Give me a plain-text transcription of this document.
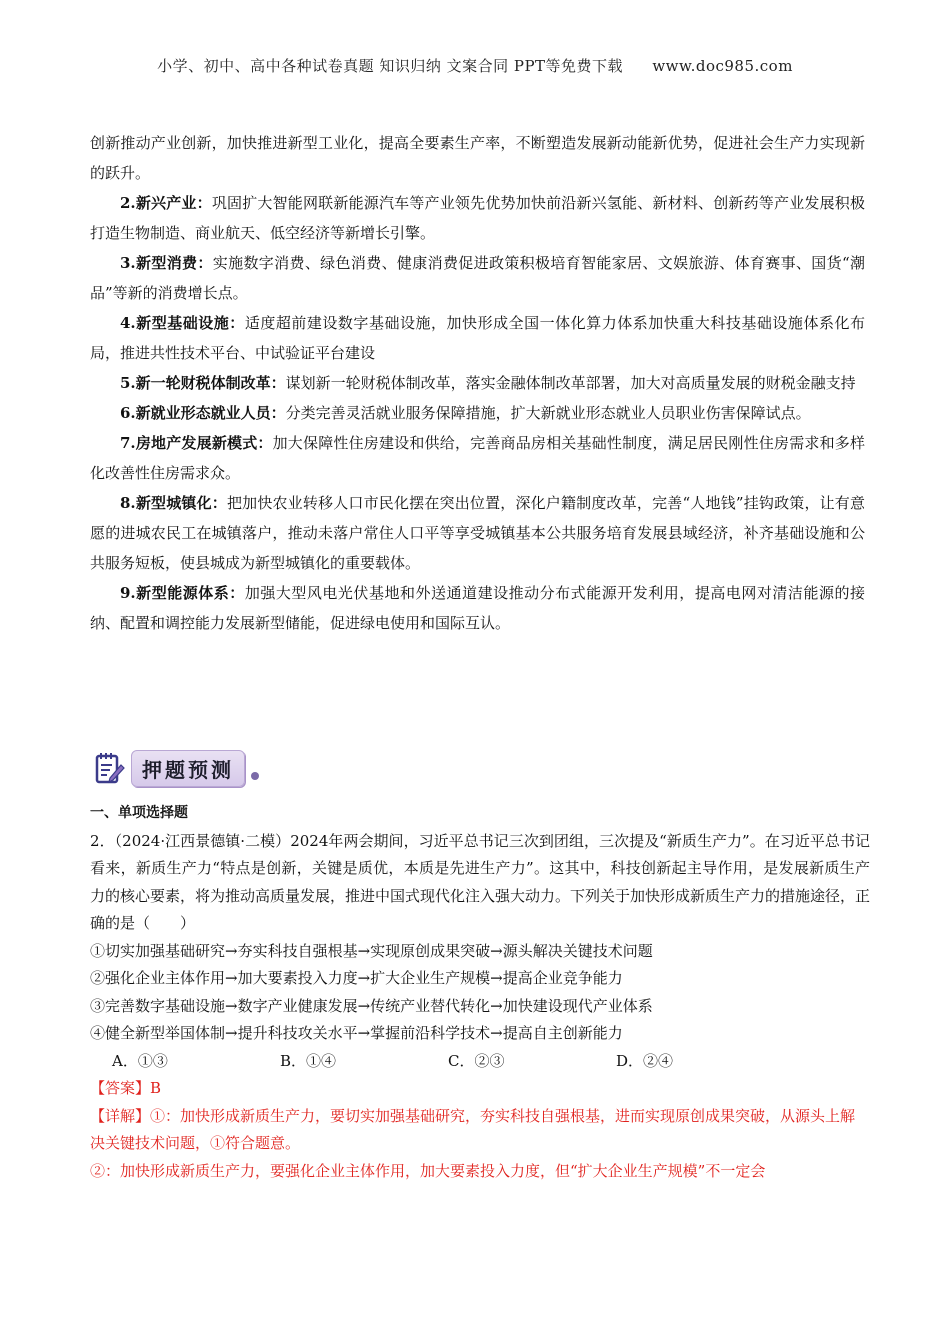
小学、初中、高中各种试卷真题 知识归纳 文案合同 PPT等免费下载 www.doc985.com

创新推动产业创新，加快推进新型工业化，提高全要素生产率，不断塑造发展新动能新优势，促进社会生产力实现新的跃升。

2.新兴产业：巩固扩大智能网联新能源汽车等产业领先优势加快前沿新兴氢能、新材料、创新药等产业发展积极打造生物制造、商业航天、低空经济等新增长引擎。

3.新型消费：实施数字消费、绿色消费、健康消费促进政策积极培育智能家居、文娱旅游、体育赛事、国货“潮品”等新的消费增长点。

4.新型基础设施：适度超前建设数字基础设施，加快形成全国一体化算力体系加快重大科技基础设施体系化布局，推进共性技术平台、中试验证平台建设

5.新一轮财税体制改革：谋划新一轮财税体制改革，落实金融体制改革部署，加大对高质量发展的财税金融支持

6.新就业形态就业人员：分类完善灵活就业服务保障措施，扩大新就业形态就业人员职业伤害保障试点。

7.房地产发展新模式：加大保障性住房建设和供给，完善商品房相关基础性制度，满足居民刚性住房需求和多样化改善性住房需求众。

8.新型城镇化：把加快农业转移人口市民化摆在突出位置，深化户籍制度改革，完善“人地钱”挂钩政策，让有意愿的进城农民工在城镇落户，推动未落户常住人口平等享受城镇基本公共服务培育发展县域经济，补齐基础设施和公共服务短板，使县城成为新型城镇化的重要载体。

9.新型能源体系：加强大型风电光伏基地和外送通道建设推动分布式能源开发利用，提高电网对清洁能源的接纳、配置和调控能力发展新型储能，促进绿电使用和国际互认。

押题预测

一、单项选择题

2．（2024·江西景德镇·二模）2024年两会期间，习近平总书记三次到团组，三次提及“新质生产力”。在习近平总书记看来，新质生产力“特点是创新，关键是质优，本质是先进生产力”。这其中，科技创新起主导作用，是发展新质生产力的核心要素，将为推动高质量发展，推进中国式现代化注入强大动力。下列关于加快形成新质生产力的措施途径，正确的是（　　）

①切实加强基础研究→夯实科技自强根基→实现原创成果突破→源头解决关键技术问题

②强化企业主体作用→加大要素投入力度→扩大企业生产规模→提高企业竞争能力

③完善数字基础设施→数字产业健康发展→传统产业替代转化→加快建设现代产业体系

④健全新型举国体制→提升科技攻关水平→掌握前沿科学技术→提高自主创新能力

A．①③	B．①④	C．②③	D．②④

【答案】B

【详解】①：加快形成新质生产力，要切实加强基础研究，夯实科技自强根基，进而实现原创成果突破，从源头上解决关键技术问题，①符合题意。

②：加快形成新质生产力，要强化企业主体作用，加大要素投入力度，但“扩大企业生产规模”不一定会
